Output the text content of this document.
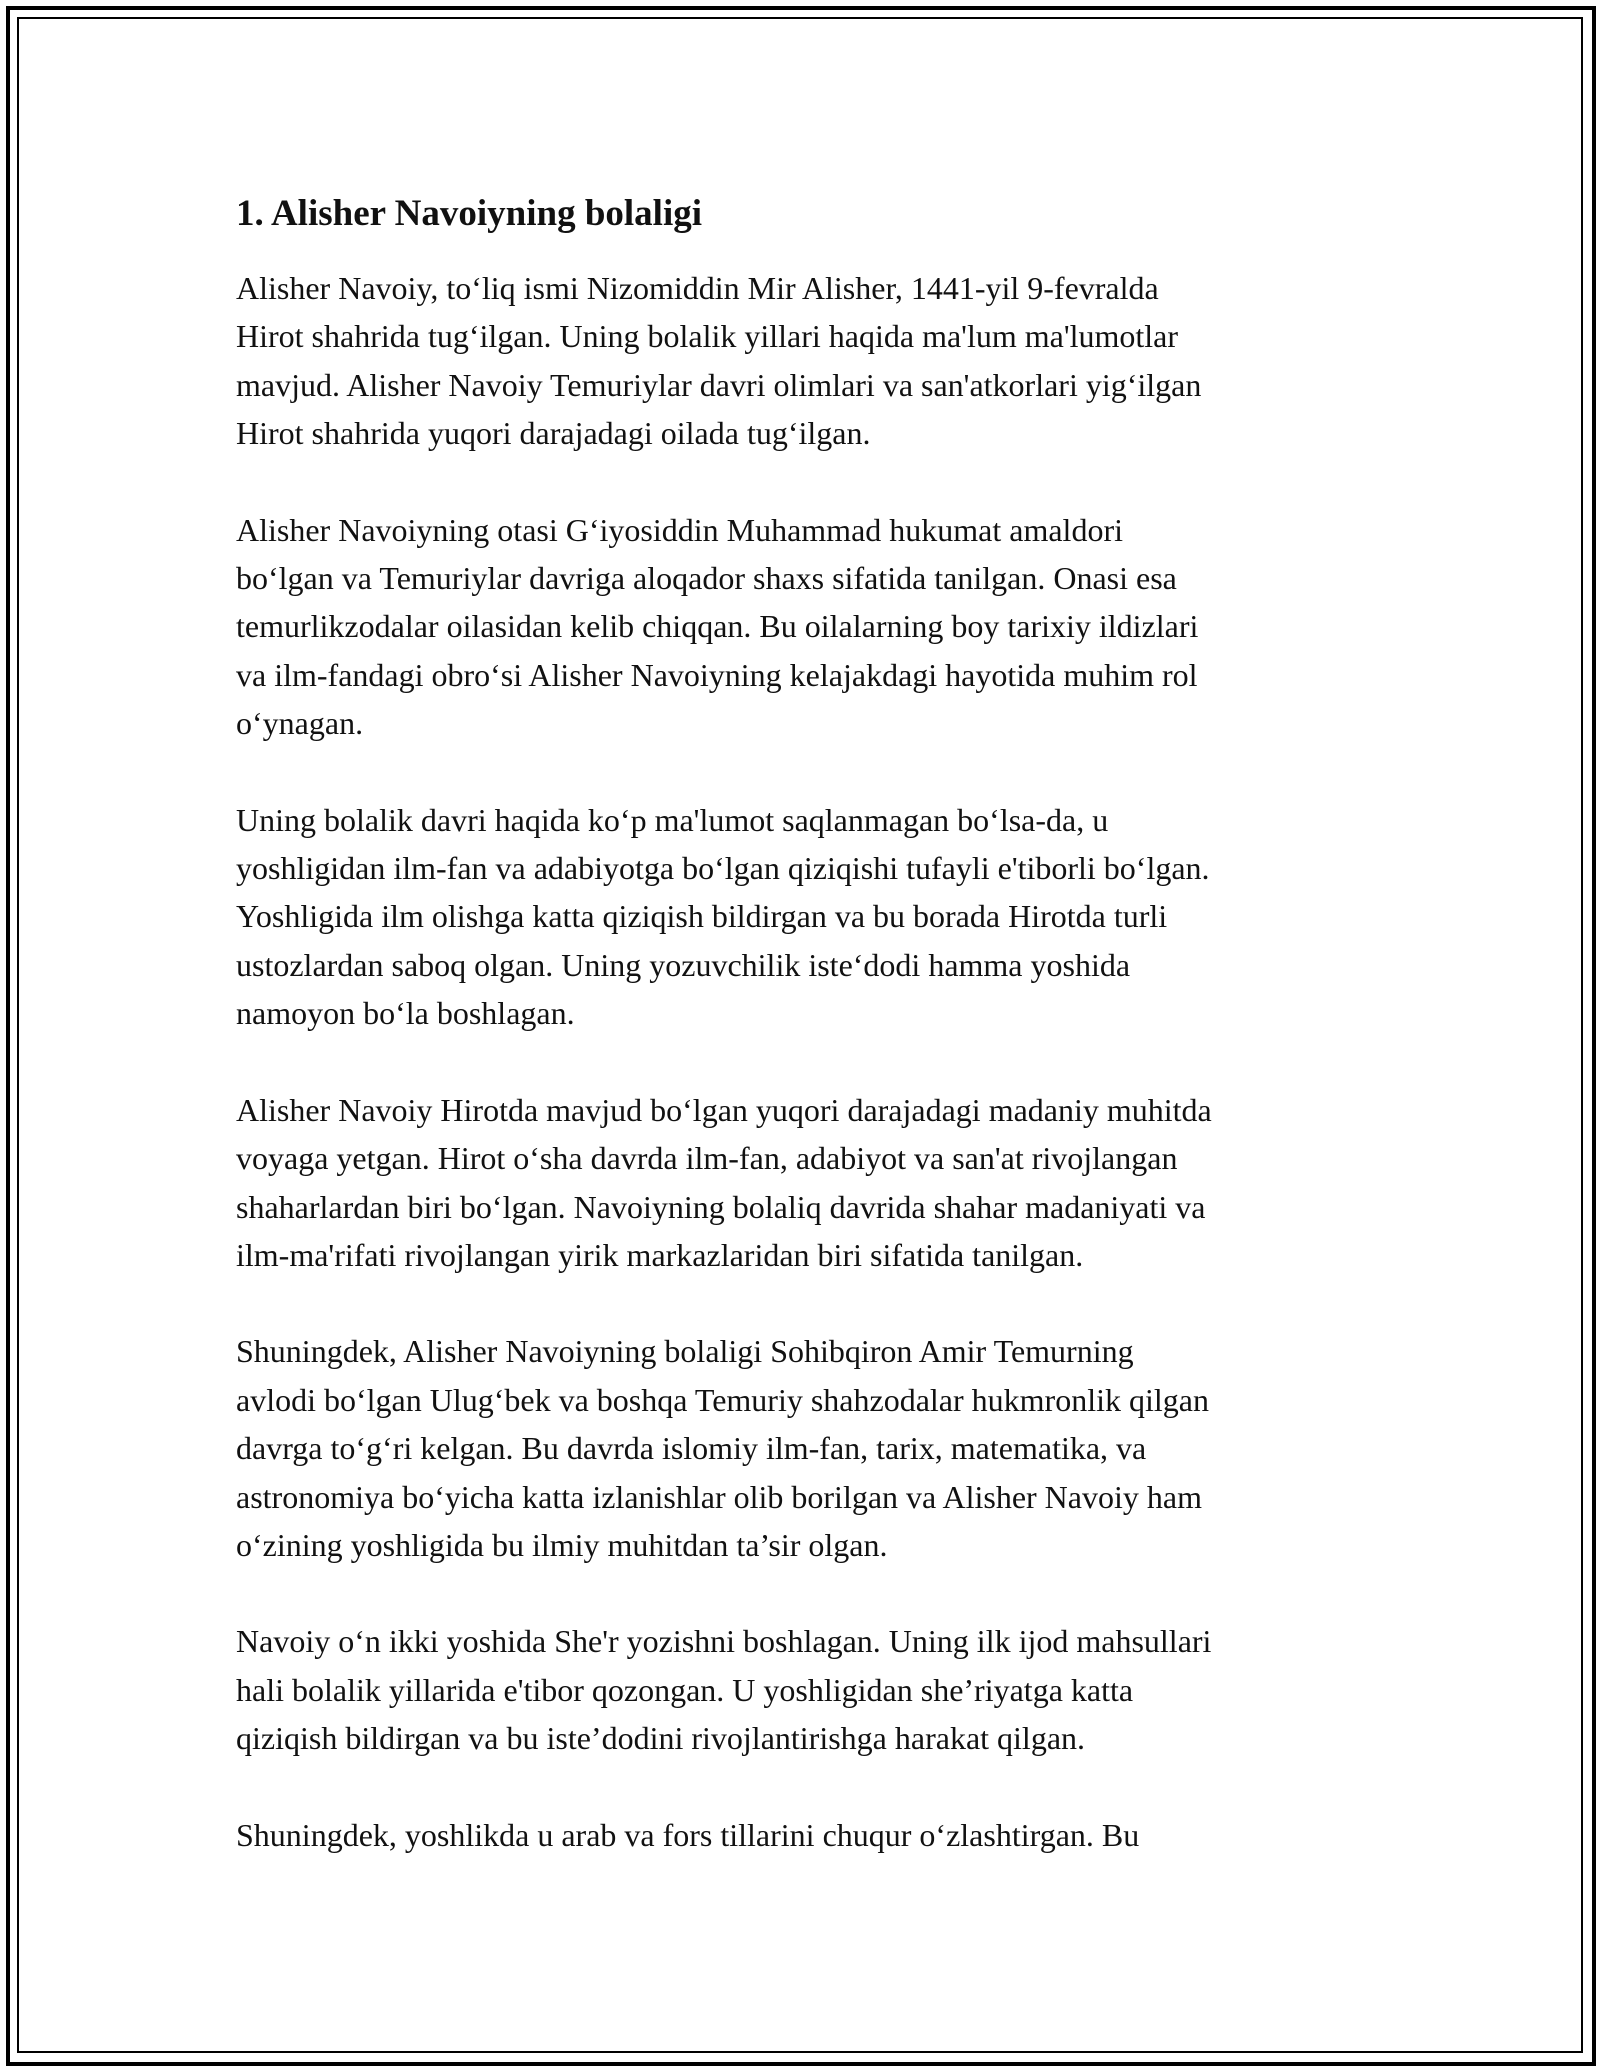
1. Alisher Navoiyning bolaligi

Alisher Navoiy, to‘liq ismi Nizomiddin Mir Alisher, 1441-yil 9-fevralda
Hirot shahrida tug‘ilgan. Uning bolalik yillari haqida ma'lum ma'lumotlar
mavjud. Alisher Navoiy Temuriylar davri olimlari va san'atkorlari yig‘ilgan
Hirot shahrida yuqori darajadagi oilada tug‘ilgan.

Alisher Navoiyning otasi G‘iyosiddin Muhammad hukumat amaldori
bo‘lgan va Temuriylar davriga aloqador shaxs sifatida tanilgan. Onasi esa
temurlikzodalar oilasidan kelib chiqqan. Bu oilalarning boy tarixiy ildizlari
va ilm-fandagi obro‘si Alisher Navoiyning kelajakdagi hayotida muhim rol
o‘ynagan.

Uning bolalik davri haqida ko‘p ma'lumot saqlanmagan bo‘lsa-da, u
yoshligidan ilm-fan va adabiyotga bo‘lgan qiziqishi tufayli e'tiborli bo‘lgan.
Yoshligida ilm olishga katta qiziqish bildirgan va bu borada Hirotda turli
ustozlardan saboq olgan. Uning yozuvchilik iste‘dodi hamma yoshida
namoyon bo‘la boshlagan.

Alisher Navoiy Hirotda mavjud bo‘lgan yuqori darajadagi madaniy muhitda
voyaga yetgan. Hirot o‘sha davrda ilm-fan, adabiyot va san'at rivojlangan
shaharlardan biri bo‘lgan. Navoiyning bolaliq davrida shahar madaniyati va
ilm-ma'rifati rivojlangan yirik markazlaridan biri sifatida tanilgan.

Shuningdek, Alisher Navoiyning bolaligi Sohibqiron Amir Temurning
avlodi bo‘lgan Ulug‘bek va boshqa Temuriy shahzodalar hukmronlik qilgan
davrga to‘g‘ri kelgan. Bu davrda islomiy ilm-fan, tarix, matematika, va
astronomiya bo‘yicha katta izlanishlar olib borilgan va Alisher Navoiy ham
o‘zining yoshligida bu ilmiy muhitdan ta’sir olgan.

Navoiy o‘n ikki yoshida She'r yozishni boshlagan. Uning ilk ijod mahsullari
hali bolalik yillarida e'tibor qozongan. U yoshligidan she’riyatga katta
qiziqish bildirgan va bu iste’dodini rivojlantirishga harakat qilgan.

Shuningdek, yoshlikda u arab va fors tillarini chuqur o‘zlashtirgan. Bu
